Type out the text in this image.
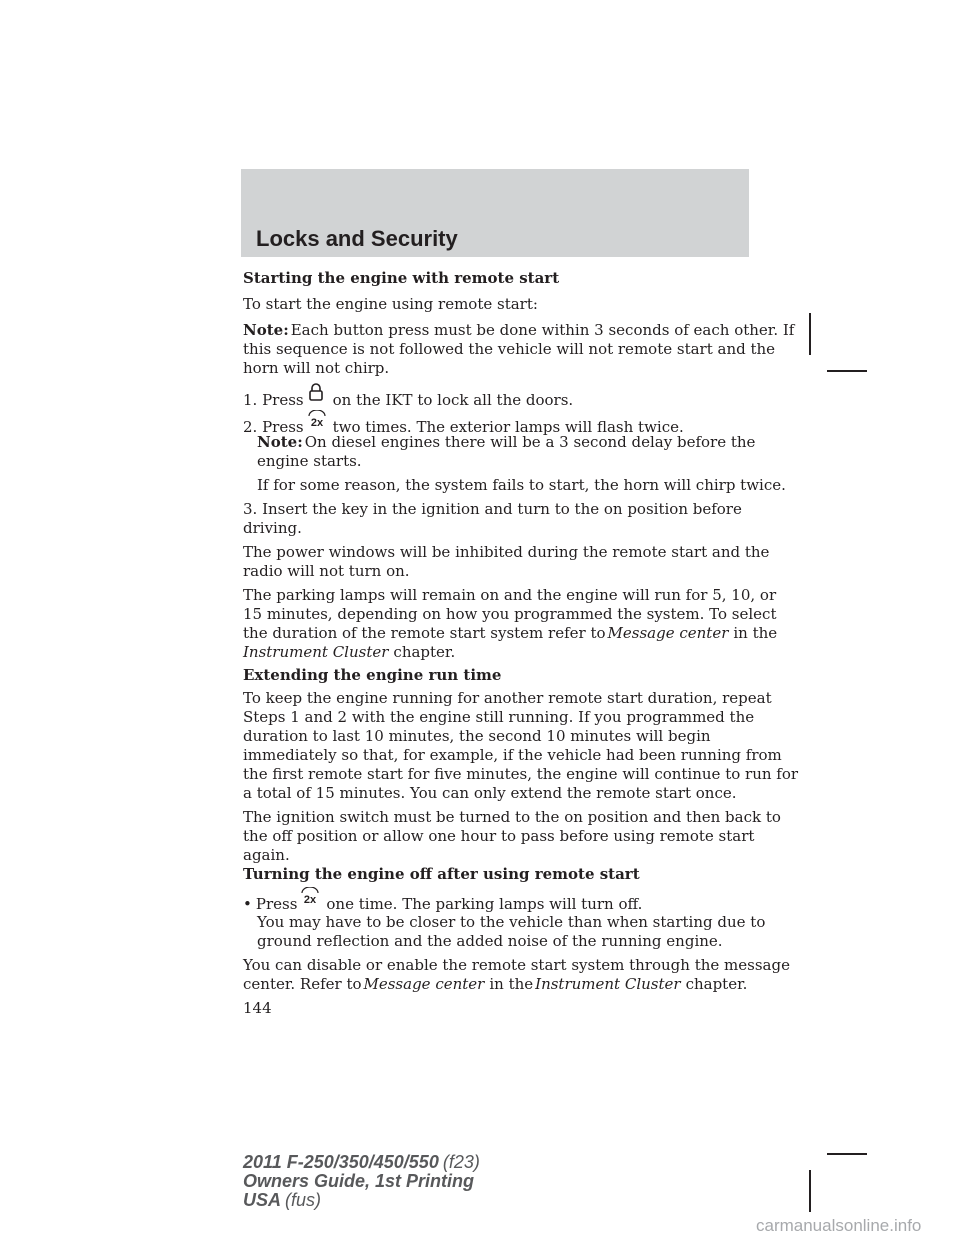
Locks and Security
Starting the engine with remote start
To start the engine using remote start:
Note: Each button press must be done within 3 seconds of each other. If
this sequence is not followed the vehicle will not remote start and the
horn will not chirp.
1. Press on the IKT to lock all the doors.
2. Press 2x two times. The exterior lamps will flash twice.
Note: On diesel engines there will be a 3 second delay before the
engine starts.
If for some reason, the system fails to start, the horn will chirp twice.
3. Insert the key in the ignition and turn to the on position before
driving.
The power windows will be inhibited during the remote start and the
radio will not turn on.
The parking lamps will remain on and the engine will run for 5, 10, or
15 minutes, depending on how you programmed the system. To select
the duration of the remote start system refer to Message center in the
Instrument Cluster chapter.
Extending the engine run time
To keep the engine running for another remote start duration, repeat
Steps 1 and 2 with the engine still running. If you programmed the
duration to last 10 minutes, the second 10 minutes will begin
immediately so that, for example, if the vehicle had been running from
the first remote start for five minutes, the engine will continue to run for
a total of 15 minutes. You can only extend the remote start once.
The ignition switch must be turned to the on position and then back to
the off position or allow one hour to pass before using remote start
again.
Turning the engine off after using remote start
• Press 2x one time. The parking lamps will turn off.
You may have to be closer to the vehicle than when starting due to
ground reflection and the added noise of the running engine.
You can disable or enable the remote start system through the message
center. Refer to Message center in the Instrument Cluster chapter.
144
2011 F-250/350/450/550 (f23)
Owners Guide, 1st Printing
USA (fus)
carmanualsonline.info
